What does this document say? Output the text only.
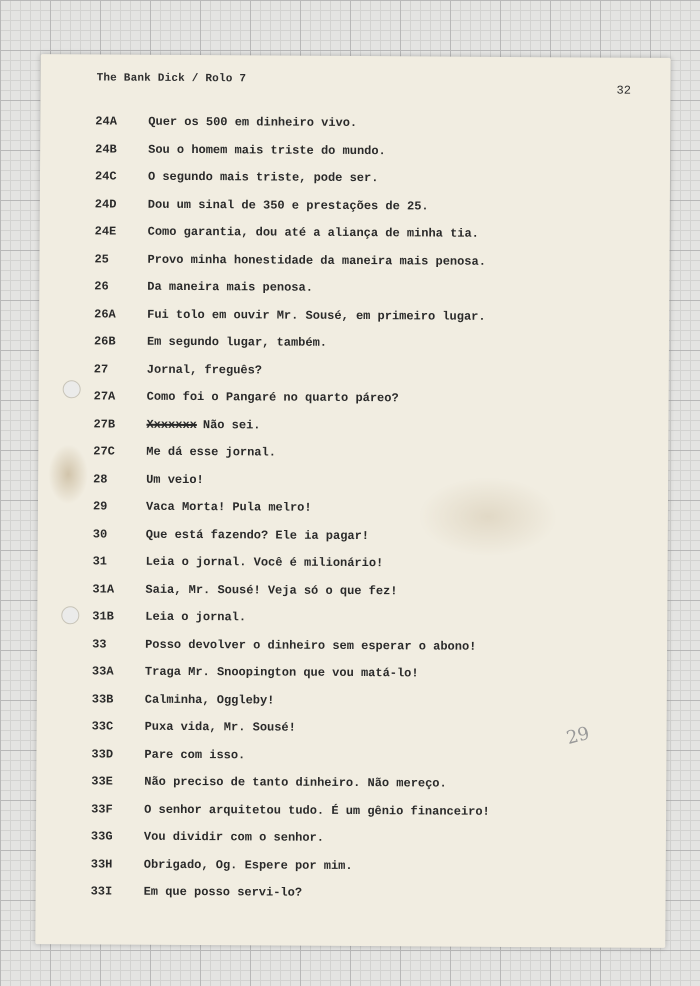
The Bank Dick / Rolo 7
32
24A	Quer os 500 em dinheiro vivo.
24B	Sou o homem mais triste do mundo.
24C	O segundo mais triste, pode ser.
24D	Dou um sinal de 350 e prestações de 25.
24E	Como garantia, dou até a aliança de minha tia.
25	Provo minha honestidade da maneira mais penosa.
26	Da maneira mais penosa.
26A	Fui tolo em ouvir Mr. Sousé, em primeiro lugar.
26B	Em segundo lugar, também.
27	Jornal, freguês?
27A	Como foi o Pangaré no quarto páreo?
27B	Xxxxxxx Não sei.
27C	Me dá esse jornal.
28	Um veio!
29	Vaca Morta! Pula melro!
30	Que está fazendo? Ele ia pagar!
31	Leia o jornal. Você é milionário!
31A	Saia, Mr. Sousé! Veja só o que fez!
31B	Leia o jornal.
33	Posso devolver o dinheiro sem esperar o abono!
33A	Traga Mr. Snoopington que vou matá-lo!
33B	Calminha, Oggleby!
33C	Puxa vida, Mr. Sousé!
33D	Pare com isso.
33E	Não preciso de tanto dinheiro. Não mereço.
33F	O senhor arquitetou tudo. É um gênio financeiro!
33G	Vou dividir com o senhor.
33H	Obrigado, Og. Espere por mim.
33I	Em que posso servi-lo?
29
